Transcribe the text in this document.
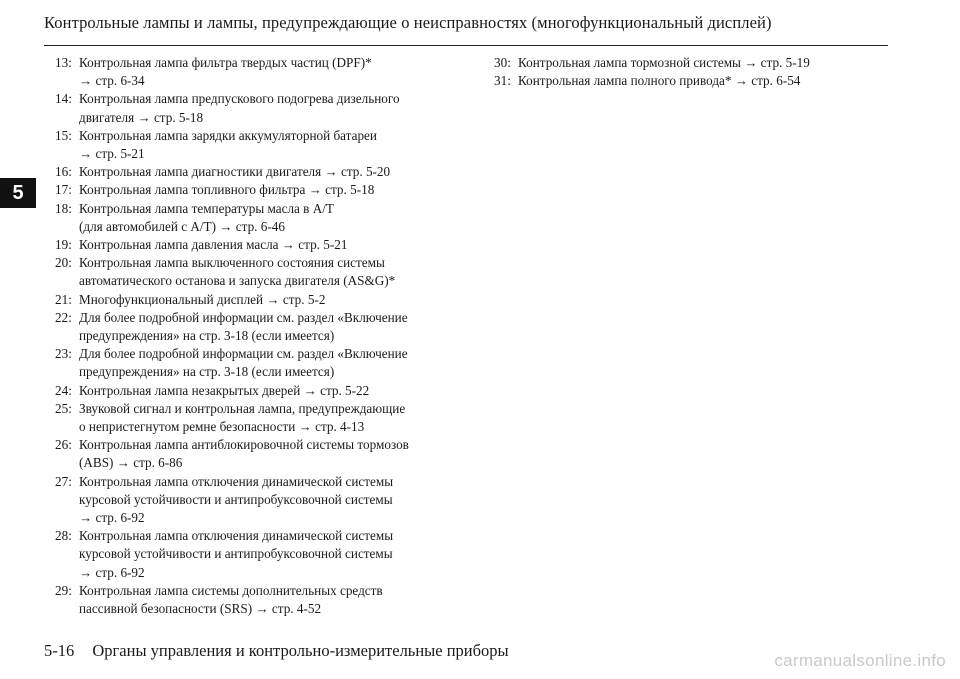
Контрольные лампы и лампы, предупреждающие о неисправностях (многофункциональный дисплей)
5
13: Контрольная лампа фильтра твердых частиц (DPF)*
→ стр. 6-34
14: Контрольная лампа предпускового подогрева дизельного
двигателя → стр. 5-18
15: Контрольная лампа зарядки аккумуляторной батареи
→ стр. 5-21
16: Контрольная лампа диагностики двигателя → стр. 5-20
17: Контрольная лампа топливного фильтра → стр. 5-18
18: Контрольная лампа температуры масла в A/T
(для автомобилей с A/T) → стр. 6-46
19: Контрольная лампа давления масла → стр. 5-21
20: Контрольная лампа выключенного состояния системы
автоматического останова и запуска двигателя (AS&G)*
21: Многофункциональный дисплей → стр. 5-2
22: Для более подробной информации см. раздел «Включение
предупреждения» на стр. 3-18 (если имеется)
23: Для более подробной информации см. раздел «Включение
предупреждения» на стр. 3-18 (если имеется)
24: Контрольная лампа незакрытых дверей → стр. 5-22
25: Звуковой сигнал и контрольная лампа, предупреждающие
о непристегнутом ремне безопасности → стр. 4-13
26: Контрольная лампа антиблокировочной системы тормозов
(ABS) → стр. 6-86
27: Контрольная лампа отключения динамической системы
курсовой устойчивости и антипробуксовочной системы
→ стр. 6-92
28: Контрольная лампа отключения динамической системы
курсовой устойчивости и антипробуксовочной системы
→ стр. 6-92
29: Контрольная лампа системы дополнительных средств
пассивной безопасности (SRS) → стр. 4-52
30: Контрольная лампа тормозной системы → стр. 5-19
31: Контрольная лампа полного привода* → стр. 6-54
5-16 Органы управления и контрольно-измерительные приборы
carmanualsonline.info
